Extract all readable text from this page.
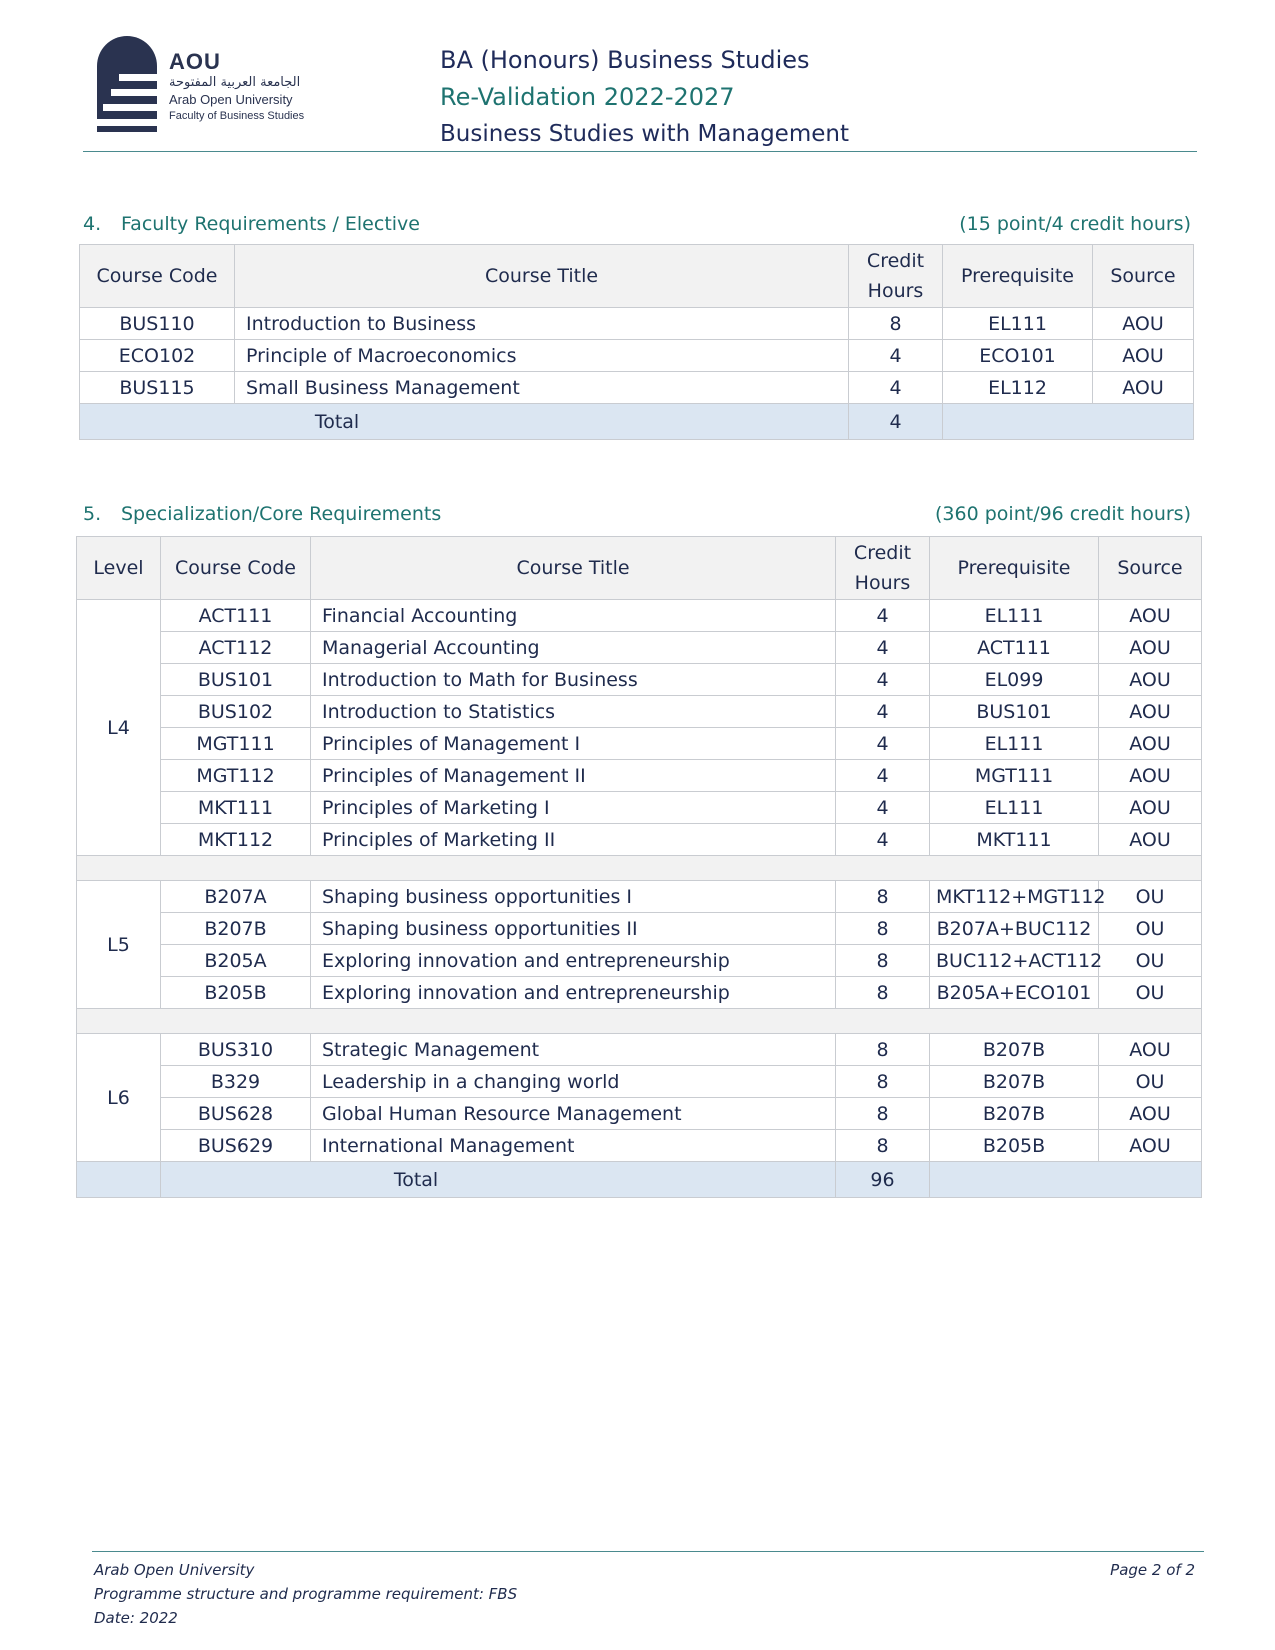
AOU
الجامعة العربية المفتوحة
Arab Open University
Faculty of Business Studies
BA (Honours) Business Studies
Re-Validation 2022-2027
Business Studies with Management
4. Faculty Requirements / Elective	(15 point/4 credit hours)
Course Code	Course Title	Credit Hours	Prerequisite	Source
BUS110	Introduction to Business	8	EL111	AOU
ECO102	Principle of Macroeconomics	4	ECO101	AOU
BUS115	Small Business Management	4	EL112	AOU
Total		4		
5. Specialization/Core Requirements	(360 point/96 credit hours)
Level	Course Code	Course Title	Credit Hours	Prerequisite	Source
L4	ACT111	Financial Accounting	4	EL111	AOU
	ACT112	Managerial Accounting	4	ACT111	AOU
	BUS101	Introduction to Math for Business	4	EL099	AOU
	BUS102	Introduction to Statistics	4	BUS101	AOU
	MGT111	Principles of Management I	4	EL111	AOU
	MGT112	Principles of Management II	4	MGT111	AOU
	MKT111	Principles of Marketing I	4	EL111	AOU
	MKT112	Principles of Marketing II	4	MKT111	AOU

L5	B207A	Shaping business opportunities I	8	MKT112+MGT112	OU
	B207B	Shaping business opportunities II	8	B207A+BUC112	OU
	B205A	Exploring innovation and entrepreneurship	8	BUC112+ACT112	OU
	B205B	Exploring innovation and entrepreneurship	8	B205A+ECO101	OU

L6	BUS310	Strategic Management	8	B207B	AOU
	B329	Leadership in a changing world	8	B207B	OU
	BUS628	Global Human Resource Management	8	B207B	AOU
	BUS629	International Management	8	B205B	AOU
	Total		96		
Arab Open University
Programme structure and programme requirement: FBS
Date: 2022
Page 2 of 2
